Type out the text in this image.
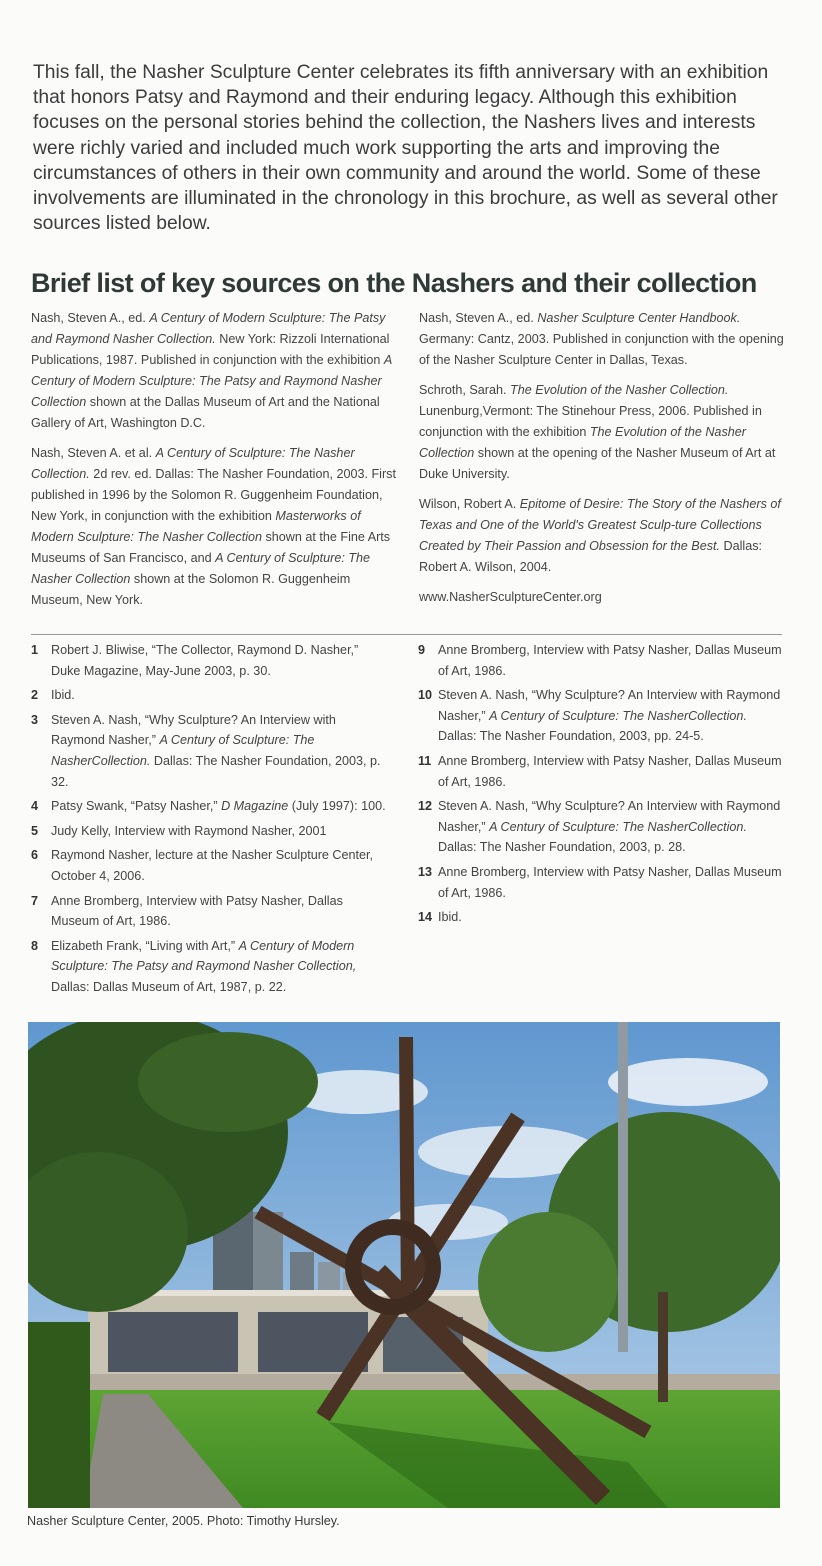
This fall, the Nasher Sculpture Center celebrates its fifth anniversary with an exhibition that honors Patsy and Raymond and their enduring legacy. Although this exhibition focuses on the personal stories behind the collection, the Nashers lives and interests were richly varied and included much work supporting the arts and improving the circumstances of others in their own community and around the world. Some of these involvements are illuminated in the chronology in this brochure, as well as several other sources listed below.

Brief list of key sources on the Nashers and their collection

Nash, Steven A., ed. A Century of Modern Sculpture: The Patsy and Raymond Nasher Collection. New York: Rizzoli International Publications, 1987. Published in conjunction with the exhibition A Century of Modern Sculpture: The Patsy and Raymond Nasher Collection shown at the Dallas Museum of Art and the National Gallery of Art, Washington D.C.

Nash, Steven A. et al. A Century of Sculpture: The Nasher Collection. 2d rev. ed. Dallas: The Nasher Foundation, 2003. First published in 1996 by the Solomon R. Guggenheim Foundation, New York, in conjunction with the exhibition Masterworks of Modern Sculpture: The Nasher Collection shown at the Fine Arts Museums of San Francisco, and A Century of Sculpture: The Nasher Collection shown at the Solomon R. Guggenheim Museum, New York.

Nash, Steven A., ed. Nasher Sculpture Center Handbook. Germany: Cantz, 2003. Published in conjunction with the opening of the Nasher Sculpture Center in Dallas, Texas.

Schroth, Sarah. The Evolution of the Nasher Collection. Lunenburg,Vermont: The Stinehour Press, 2006. Published in conjunction with the exhibition The Evolution of the Nasher Collection shown at the opening of the Nasher Museum of Art at Duke University.

Wilson, Robert A. Epitome of Desire: The Story of the Nashers of Texas and One of the World's Greatest Sculp-ture Collections Created by Their Passion and Obsession for the Best. Dallas: Robert A. Wilson, 2004.

www.NasherSculptureCenter.org

1	Robert J. Bliwise, “The Collector, Raymond D. Nasher,” Duke Magazine, May-June 2003, p. 30.
2	Ibid.
3	Steven A. Nash, “Why Sculpture? An Interview with Raymond Nasher,” A Century of Sculpture: The NasherCollection. Dallas: The Nasher Foundation, 2003, p. 32.
4	Patsy Swank, “Patsy Nasher,” D Magazine (July 1997): 100.
5	Judy Kelly, Interview with Raymond Nasher, 2001
6	Raymond Nasher, lecture at the Nasher Sculpture Center, October 4, 2006.
7	Anne Bromberg, Interview with Patsy Nasher, Dallas Museum of Art, 1986.
8	Elizabeth Frank, “Living with Art,” A Century of Modern Sculpture: The Patsy and Raymond Nasher Collection, Dallas: Dallas Museum of Art, 1987, p. 22.
9	Anne Bromberg, Interview with Patsy Nasher, Dallas Museum of Art, 1986.
10 Steven A. Nash, “Why Sculpture? An Interview with Raymond Nasher,” A Century of Sculpture: The NasherCollection. Dallas: The Nasher Foundation, 2003, pp. 24-5.
11 Anne Bromberg, Interview with Patsy Nasher, Dallas Museum of Art, 1986.
12 Steven A. Nash, “Why Sculpture? An Interview with Raymond Nasher,” A Century of Sculpture: The NasherCollection. Dallas: The Nasher Foundation, 2003, p. 28.
13 Anne Bromberg, Interview with Patsy Nasher, Dallas Museum of Art, 1986.
14 Ibid.
Nasher Sculpture Center, 2005. Photo: Timothy Hursley.
